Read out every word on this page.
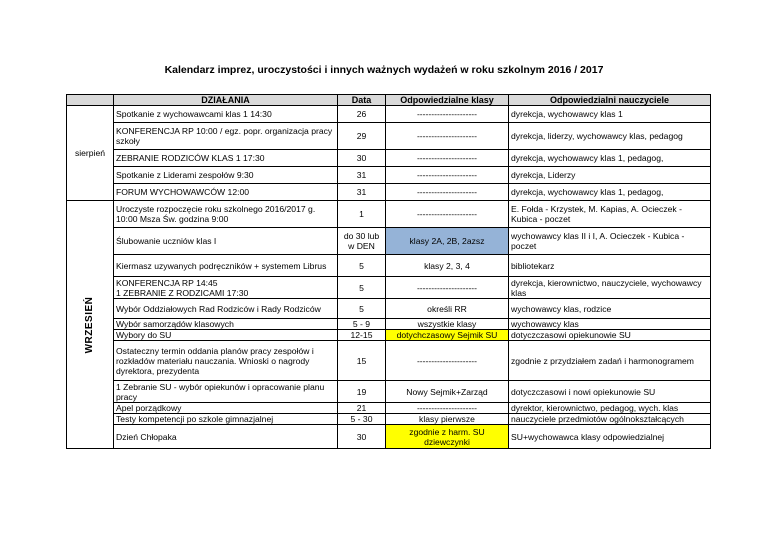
Kalendarz imprez, uroczystości i innych ważnych wydażeń w roku szkolnym 2016 / 2017
	DZIAŁANIA	Data	Odpowiedzialne klasy	Odpowiedzialni nauczyciele
sierpień	Spotkanie z wychowawcami klas 1 14:30	26	---------------------	dyrekcja, wychowawcy klas 1
	KONFERENCJA RP 10:00 / egz. popr. organizacja pracy szkoły	29	---------------------	dyrekcja, liderzy, wychowawcy klas, pedagog
	ZEBRANIE RODZICÓW KLAS 1 17:30	30	---------------------	dyrekcja, wychowawcy klas 1, pedagog,
	Spotkanie z Liderami zespołów 9:30	31	---------------------	dyrekcja, Liderzy
	FORUM WYCHOWAWCÓW 12:00	31	---------------------	dyrekcja, wychowawcy klas 1, pedagog,

WRZESIEŃ	Uroczyste rozpoczęcie roku szkolnego 2016/2017 g. 10:00 Msza Św. godzina 9:00	1	---------------------	E. Fołda - Krzystek, M. Kapias, A. Ocieczek - Kubica - poczet
	Ślubowanie uczniów klas I	do 30 lub w DEN	klasy 2A, 2B, 2azsz	wychowawcy klas II i I, A. Ocieczek - Kubica - poczet
	Kiermasz uzywanych podręczników + systemem Librus	5	klasy 2, 3, 4	bibliotekarz

	KONFERENCJA RP 14:45
1 ZEBRANIE Z RODZICAMI 17:30	5	---------------------	dyrekcja, kierownictwo, nauczyciele, wychowawcy klas
	Wybór Oddziałowych Rad Rodziców i Rady Rodziców	5	określi RR	wychowawcy klas, rodzice
	Wybór samorządów klasowych	5 - 9	wszystkie klasy	wychowawcy klas
	Wybory do SU	12-15	dotychczasowy Sejmik SU	dotyczczasowi opiekunowie SU
	Ostateczny termin oddania planów pracy zespołów i rozkładów materiału nauczania. Wnioski o nagrody dyrektora, prezydenta	15	---------------------	zgodnie z przydziałem zadań i harmonogramem
	1 Zebranie SU - wybór opiekunów i opracowanie planu pracy	19	Nowy Sejmik+Zarząd	dotyczczasowi i nowi opiekunowie SU
	Apel porządkowy	21	---------------------	dyrektor, kierownictwo, pedagog, wych. klas
	Testy kompetencji po szkole gimnazjalnej	5 - 30	klasy pierwsze	nauczyciele przedmiotów ogólnokształcących
	Dzień Chłopaka	30	zgodnie z harm. SU dziewczynki	SU+wychowawca klasy odpowiedzialnej
